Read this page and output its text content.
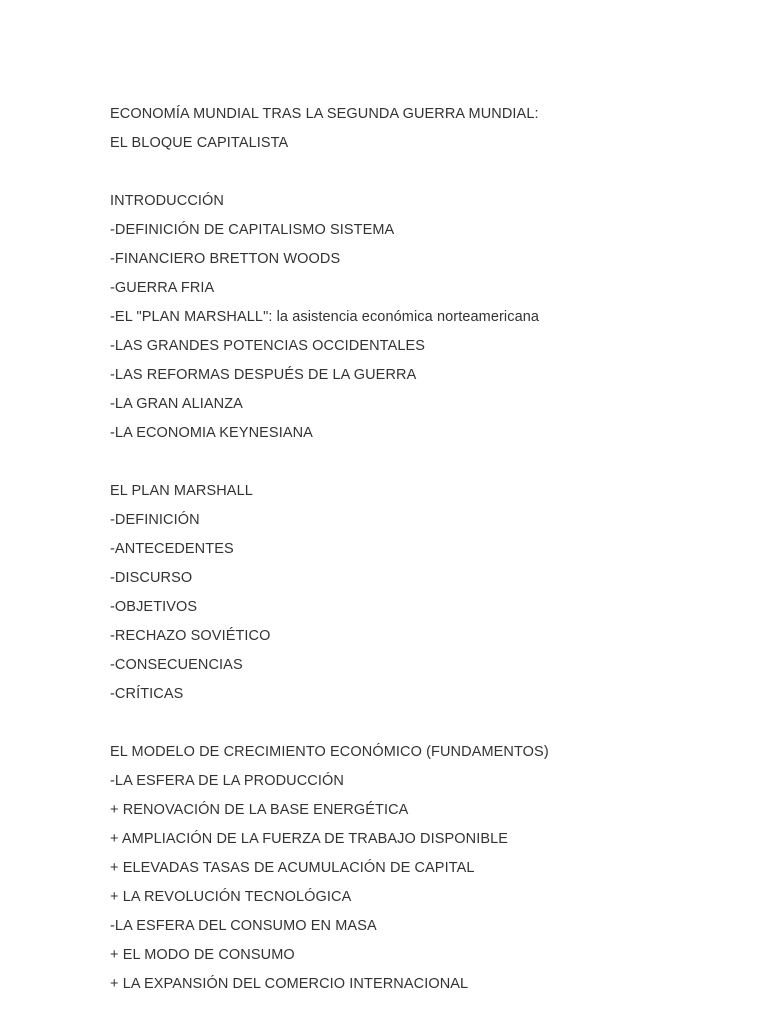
ECONOMÍA MUNDIAL TRAS LA SEGUNDA GUERRA MUNDIAL:
EL BLOQUE CAPITALISTA
INTRODUCCIÓN
-DEFINICIÓN DE CAPITALISMO SISTEMA
-FINANCIERO BRETTON WOODS
-GUERRA FRIA
-EL "PLAN MARSHALL": la asistencia económica norteamericana
-LAS GRANDES POTENCIAS OCCIDENTALES
-LAS REFORMAS DESPUÉS DE LA GUERRA
-LA GRAN ALIANZA
-LA ECONOMIA KEYNESIANA
EL PLAN MARSHALL
-DEFINICIÓN
-ANTECEDENTES
-DISCURSO
-OBJETIVOS
-RECHAZO SOVIÉTICO
-CONSECUENCIAS
-CRÍTICAS
EL MODELO DE CRECIMIENTO ECONÓMICO (FUNDAMENTOS)
-LA ESFERA DE LA PRODUCCIÓN
+ RENOVACIÓN DE LA BASE ENERGÉTICA
+ AMPLIACIÓN DE LA FUERZA DE TRABAJO DISPONIBLE
+ ELEVADAS TASAS DE ACUMULACIÓN DE CAPITAL
+ LA REVOLUCIÓN TECNOLÓGICA
-LA ESFERA DEL CONSUMO EN MASA
+ EL MODO DE CONSUMO
+ LA EXPANSIÓN DEL COMERCIO INTERNACIONAL
